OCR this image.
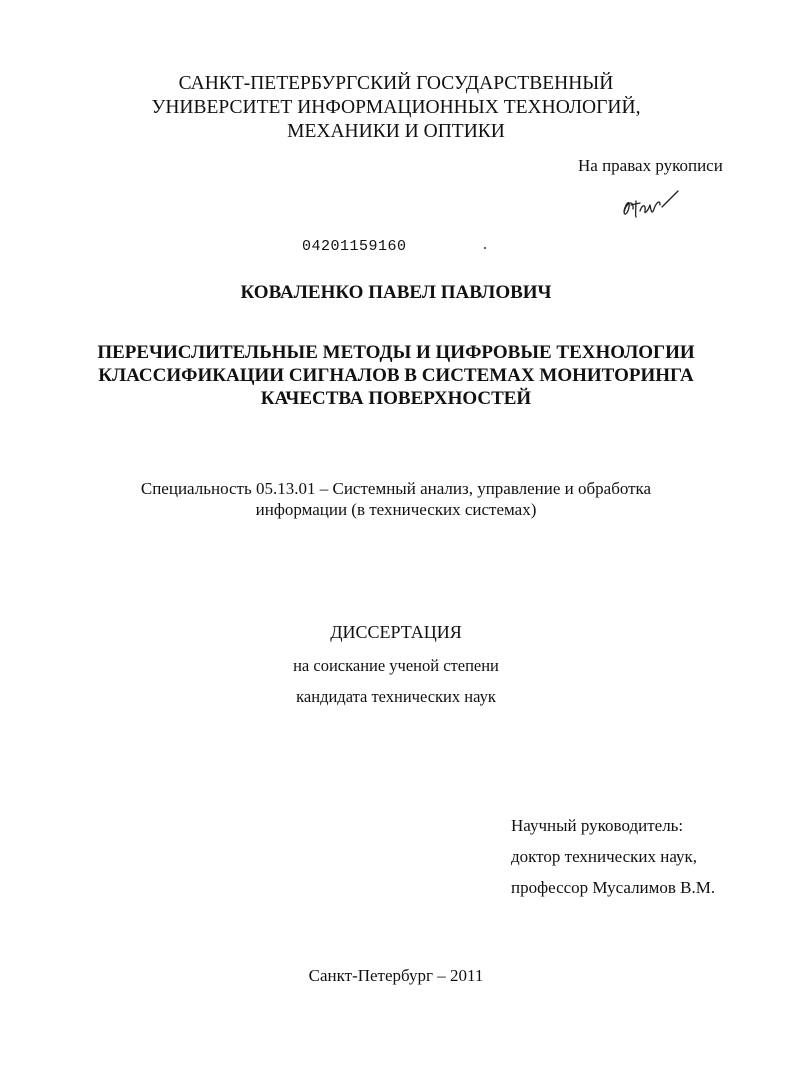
САНКТ-ПЕТЕРБУРГСКИЙ ГОСУДАРСТВЕННЫЙ
УНИВЕРСИТЕТ ИНФОРМАЦИОННЫХ ТЕХНОЛОГИЙ,
МЕХАНИКИ И ОПТИКИ
На правах рукописи
04201159160
КОВАЛЕНКО ПАВЕЛ ПАВЛОВИЧ
ПЕРЕЧИСЛИТЕЛЬНЫЕ МЕТОДЫ И ЦИФРОВЫЕ ТЕХНОЛОГИИ
КЛАССИФИКАЦИИ СИГНАЛОВ В СИСТЕМАХ МОНИТОРИНГА
КАЧЕСТВА ПОВЕРХНОСТЕЙ
Специальность 05.13.01 – Системный анализ, управление и обработка
информации (в технических системах)
ДИССЕРТАЦИЯ
на соискание ученой степени
кандидата технических наук
Научный руководитель:
доктор технических наук,
профессор Мусалимов В.М.
Санкт-Петербург – 2011
